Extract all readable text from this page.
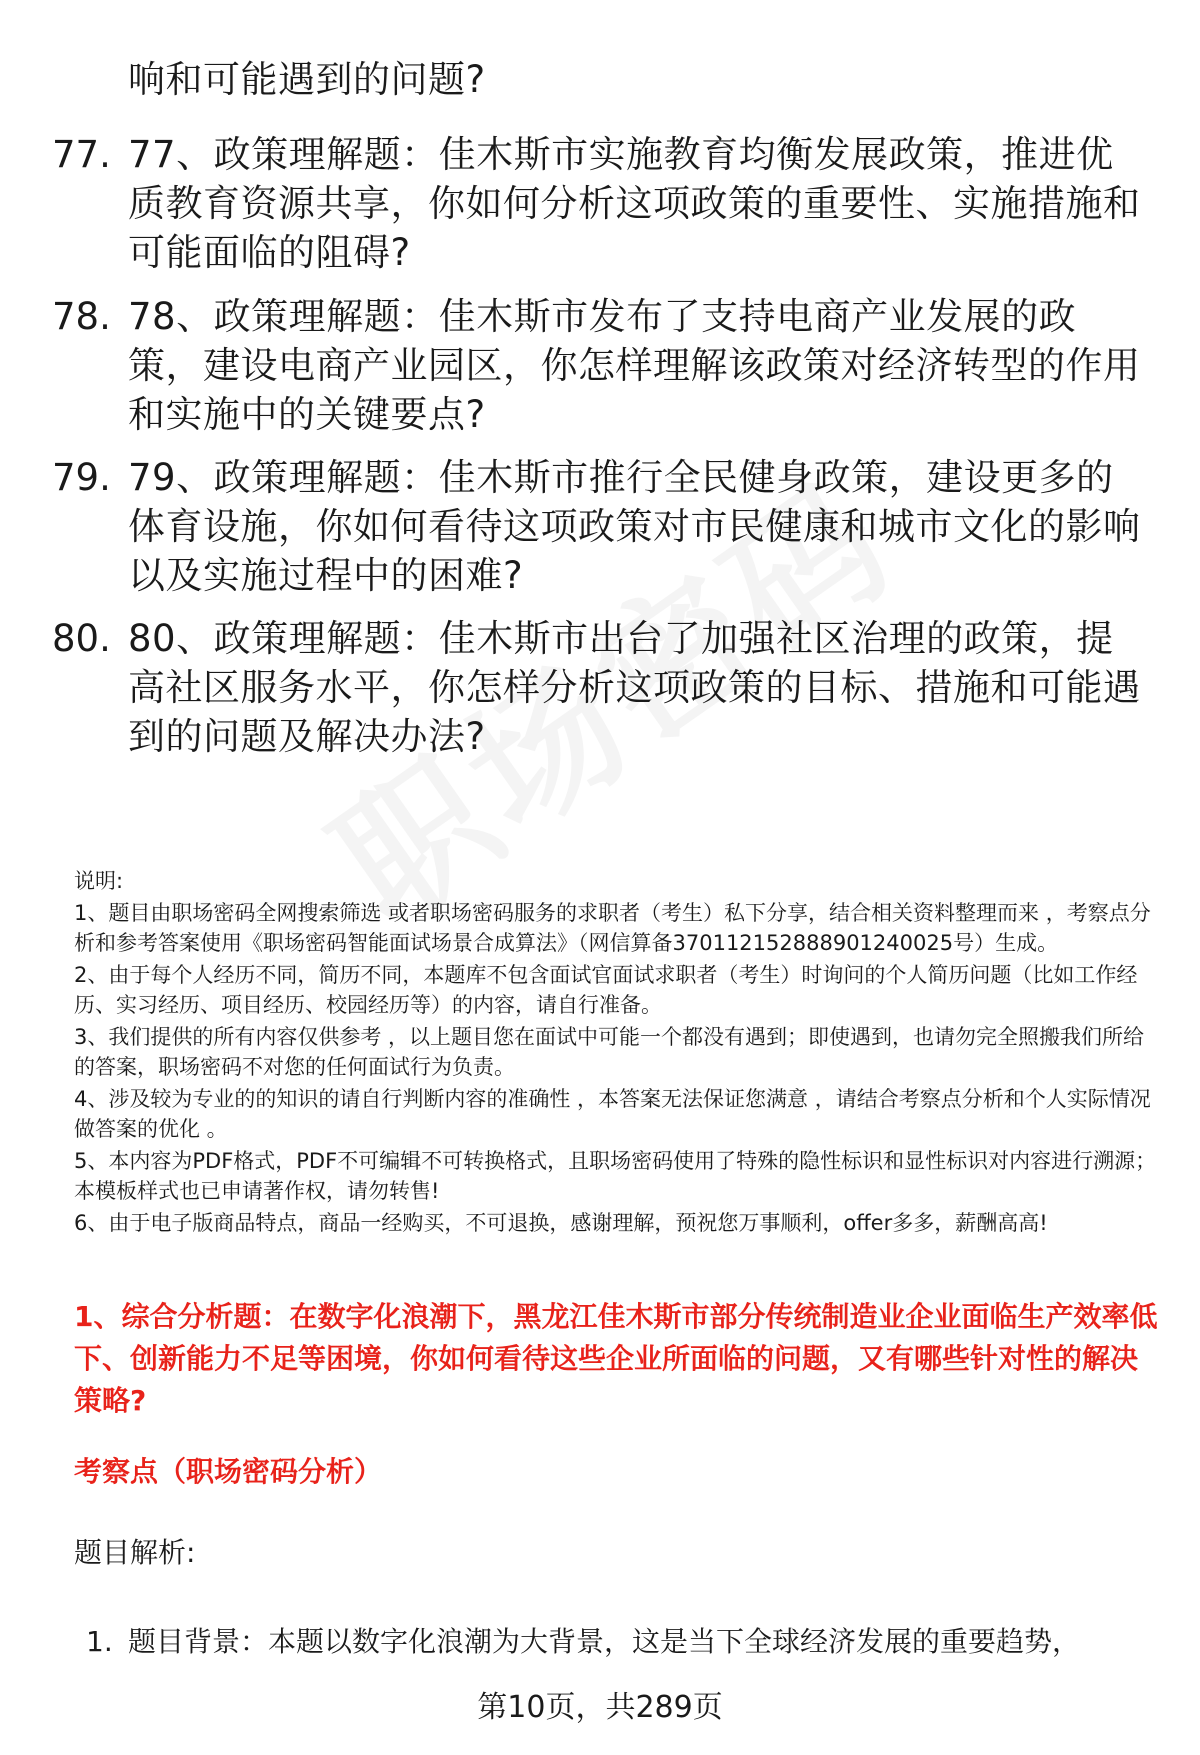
响和可能遇到的问题?
77. 77、政策理解题：佳木斯市实施教育均衡发展政策，推进优质教育资源共享，你如何分析这项政策的重要性、实施措施和可能面临的阻碍?
78. 78、政策理解题：佳木斯市发布了支持电商产业发展的政策，建设电商产业园区，你怎样理解该政策对经济转型的作用和实施中的关键要点?
79. 79、政策理解题：佳木斯市推行全民健身政策，建设更多的体育设施，你如何看待这项政策对市民健康和城市文化的影响以及实施过程中的困难?
80. 80、政策理解题：佳木斯市出台了加强社区治理的政策，提高社区服务水平，你怎样分析这项政策的目标、措施和可能遇到的问题及解决办法?

说明:

1、题目由职场密码全网搜索筛选 或者职场密码服务的求职者（考生）私下分享，结合相关资料整理而来 ，考察点分析和参考答案使用《职场密码智能面试场景合成算法》（网信算备370112152888901240025号）生成。

2、由于每个人经历不同，简历不同，本题库不包含面试官面试求职者（考生）时询问的个人简历问题（比如工作经历、实习经历、项目经历、校园经历等）的内容，请自行准备。

3、我们提供的所有内容仅供参考 ，以上题目您在面试中可能一个都没有遇到；即使遇到，也请勿完全照搬我们所给的答案，职场密码不对您的任何面试行为负责。

4、涉及较为专业的的知识的请自行判断内容的准确性 ，本答案无法保证您满意 ，请结合考察点分析和个人实际情况做答案的优化 。

5、本内容为PDF格式，PDF不可编辑不可转换格式，且职场密码使用了特殊的隐性标识和显性标识对内容进行溯源；本模板样式也已申请著作权，请勿转售!

6、由于电子版商品特点，商品一经购买，不可退换，感谢理解，预祝您万事顺利，offer多多，薪酬高高!

1、综合分析题：在数字化浪潮下，黑龙江佳木斯市部分传统制造业企业面临生产效率低下、创新能力不足等困境，你如何看待这些企业所面临的问题，又有哪些针对性的解决策略?
考察点（职场密码分析）
题目解析:
1. 题目背景：本题以数字化浪潮为大背景，这是当下全球经济发展的重要趋势，
第10页，共289页
